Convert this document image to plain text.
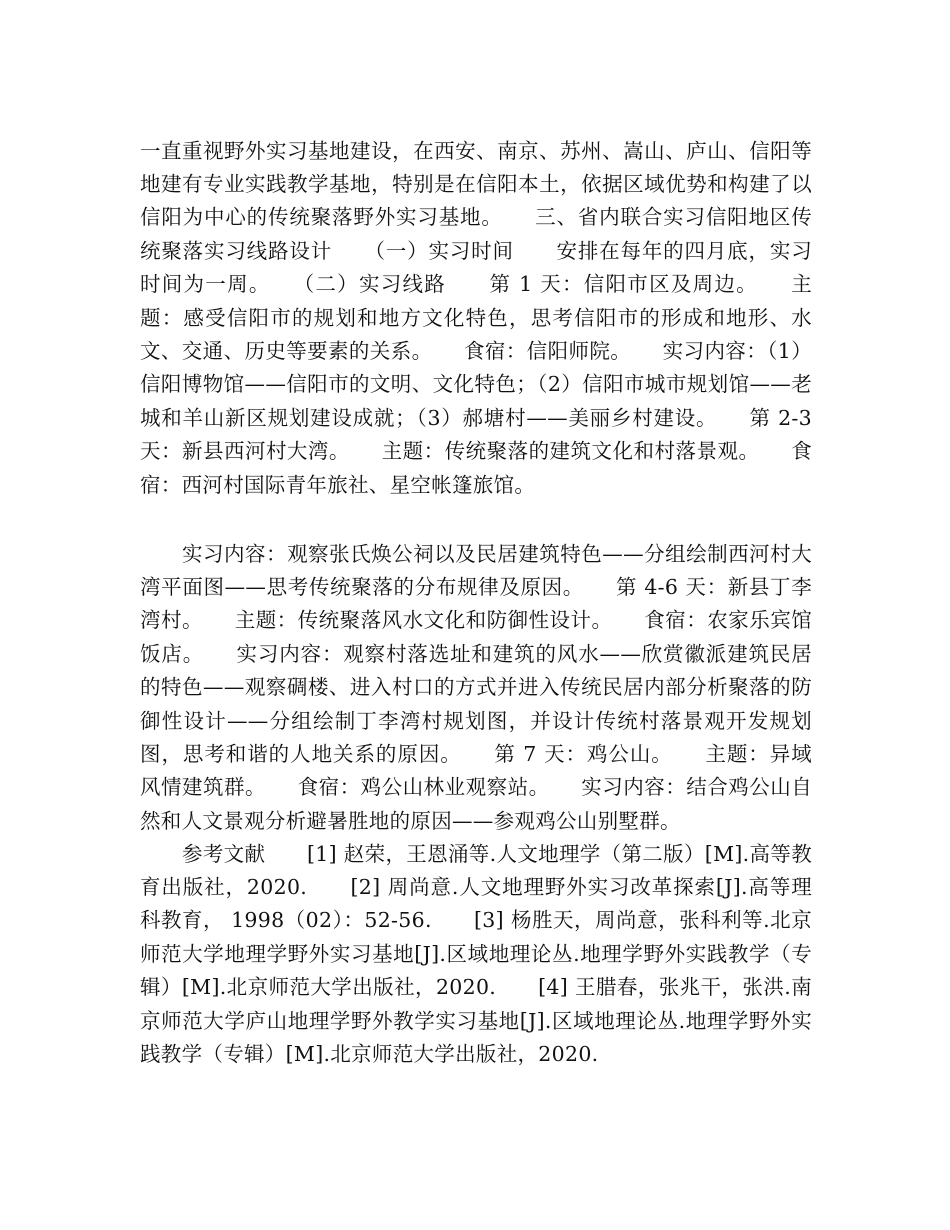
一直重视野外实习基地建设，在西安、南京、苏州、嵩山、庐山、信阳等地建有专业实践教学基地，特别是在信阳本土，依据区域优势和构建了以信阳为中心的传统聚落野外实习基地。　　三、省内联合实习信阳地区传统聚落实习线路设计　　（一）实习时间　　安排在每年的四月底，实习时间为一周。　　（二）实习线路　　第 1 天：信阳市区及周边。　　主题：感受信阳市的规划和地方文化特色，思考信阳市的形成和地形、水文、交通、历史等要素的关系。　　食宿：信阳师院。　　实习内容：（1）信阳博物馆——信阳市的文明、文化特色；（2）信阳市城市规划馆——老城和羊山新区规划建设成就；（3）郝塘村——美丽乡村建设。　　第 2-3 天：新县西河村大湾。　　主题：传统聚落的建筑文化和村落景观。　　食宿：西河村国际青年旅社、星空帐篷旅馆。

实习内容：观察张氏焕公祠以及民居建筑特色——分组绘制西河村大湾平面图——思考传统聚落的分布规律及原因。　　第 4-6 天：新县丁李湾村。　　主题：传统聚落风水文化和防御性设计。　　食宿：农家乐宾馆饭店。　　实习内容：观察村落选址和建筑的风水——欣赏徽派建筑民居的特色——观察碉楼、进入村口的方式并进入传统民居内部分析聚落的防御性设计——分组绘制丁李湾村规划图，并设计传统村落景观开发规划图，思考和谐的人地关系的原因。　　第 7 天：鸡公山。　　主题：异域风情建筑群。　　食宿：鸡公山林业观察站。　　实习内容：结合鸡公山自然和人文景观分析避暑胜地的原因——参观鸡公山别墅群。

参考文献　　[1] 赵荣，王恩涌等.人文地理学（第二版）[M].高等教育出版社，2020.　　[2] 周尚意.人文地理野外实习改革探索[J].高等理科教育， 1998（02）：52-56.　　[3] 杨胜天，周尚意，张科利等.北京师范大学地理学野外实习基地[J].区域地理论丛.地理学野外实践教学（专辑）[M].北京师范大学出版社，2020.　　[4] 王腊春，张兆干，张洪.南京师范大学庐山地理学野外教学实习基地[J].区域地理论丛.地理学野外实践教学（专辑）[M].北京师范大学出版社，2020.
